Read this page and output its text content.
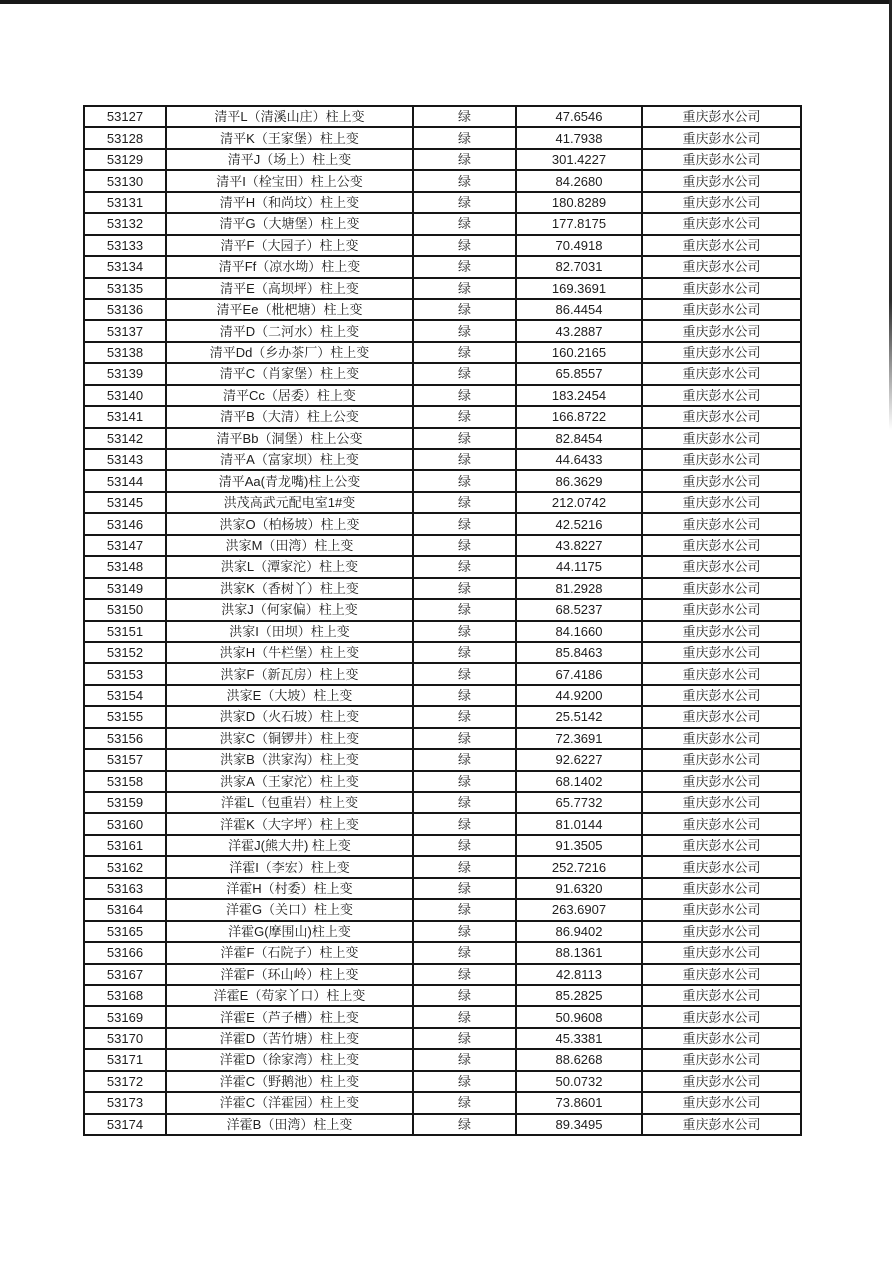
53127	清平L（清溪山庄）柱上变	绿	47.6546	重庆彭水公司
53128	清平K（王家堡）柱上变	绿	41.7938	重庆彭水公司
53129	清平J（场上）柱上变	绿	301.4227	重庆彭水公司
53130	清平I（栓宝田）柱上公变	绿	84.2680	重庆彭水公司
53131	清平H（和尚坟）柱上变	绿	180.8289	重庆彭水公司
53132	清平G（大塘堡）柱上变	绿	177.8175	重庆彭水公司
53133	清平F（大园子）柱上变	绿	70.4918	重庆彭水公司
53134	清平Ff（凉水坳）柱上变	绿	82.7031	重庆彭水公司
53135	清平E（高坝坪）柱上变	绿	169.3691	重庆彭水公司
53136	清平Ee（枇杷塘）柱上变	绿	86.4454	重庆彭水公司
53137	清平D（二河水）柱上变	绿	43.2887	重庆彭水公司
53138	清平Dd（乡办茶厂）柱上变	绿	160.2165	重庆彭水公司
53139	清平C（肖家堡）柱上变	绿	65.8557	重庆彭水公司
53140	清平Cc（居委）柱上变	绿	183.2454	重庆彭水公司
53141	清平B（大清）柱上公变	绿	166.8722	重庆彭水公司
53142	清平Bb（洞堡）柱上公变	绿	82.8454	重庆彭水公司
53143	清平A（富家坝）柱上变	绿	44.6433	重庆彭水公司
53144	清平Aa(青龙嘴)柱上公变	绿	86.3629	重庆彭水公司
53145	洪茂高武元配电室1#变	绿	212.0742	重庆彭水公司
53146	洪家O（柏杨坡）柱上变	绿	42.5216	重庆彭水公司
53147	洪家M（田湾）柱上变	绿	43.8227	重庆彭水公司
53148	洪家L（潭家沱）柱上变	绿	44.1175	重庆彭水公司
53149	洪家K（香树丫）柱上变	绿	81.2928	重庆彭水公司
53150	洪家J（何家偏）柱上变	绿	68.5237	重庆彭水公司
53151	洪家I（田坝）柱上变	绿	84.1660	重庆彭水公司
53152	洪家H（牛栏堡）柱上变	绿	85.8463	重庆彭水公司
53153	洪家F（新瓦房）柱上变	绿	67.4186	重庆彭水公司
53154	洪家E（大坡）柱上变	绿	44.9200	重庆彭水公司
53155	洪家D（火石坡）柱上变	绿	25.5142	重庆彭水公司
53156	洪家C（铜锣井）柱上变	绿	72.3691	重庆彭水公司
53157	洪家B（洪家沟）柱上变	绿	92.6227	重庆彭水公司
53158	洪家A（王家沱）柱上变	绿	68.1402	重庆彭水公司
53159	洋霍L（包重岩）柱上变	绿	65.7732	重庆彭水公司
53160	洋霍K（大字坪）柱上变	绿	81.0144	重庆彭水公司
53161	洋霍J(熊大井) 柱上变	绿	91.3505	重庆彭水公司
53162	洋霍I（李宏）柱上变	绿	252.7216	重庆彭水公司
53163	洋霍H（村委）柱上变	绿	91.6320	重庆彭水公司
53164	洋霍G（关口）柱上变	绿	263.6907	重庆彭水公司
53165	洋霍G(摩围山)柱上变	绿	86.9402	重庆彭水公司
53166	洋霍F（石院子）柱上变	绿	88.1361	重庆彭水公司
53167	洋霍F（环山岭）柱上变	绿	42.8113	重庆彭水公司
53168	洋霍E（苟家丫口）柱上变	绿	85.2825	重庆彭水公司
53169	洋霍E（芦子槽）柱上变	绿	50.9608	重庆彭水公司
53170	洋霍D（苦竹塘）柱上变	绿	45.3381	重庆彭水公司
53171	洋霍D（徐家湾）柱上变	绿	88.6268	重庆彭水公司
53172	洋霍C（野鹅池）柱上变	绿	50.0732	重庆彭水公司
53173	洋霍C（洋霍园）柱上变	绿	73.8601	重庆彭水公司
53174	洋霍B（田湾）柱上变	绿	89.3495	重庆彭水公司
